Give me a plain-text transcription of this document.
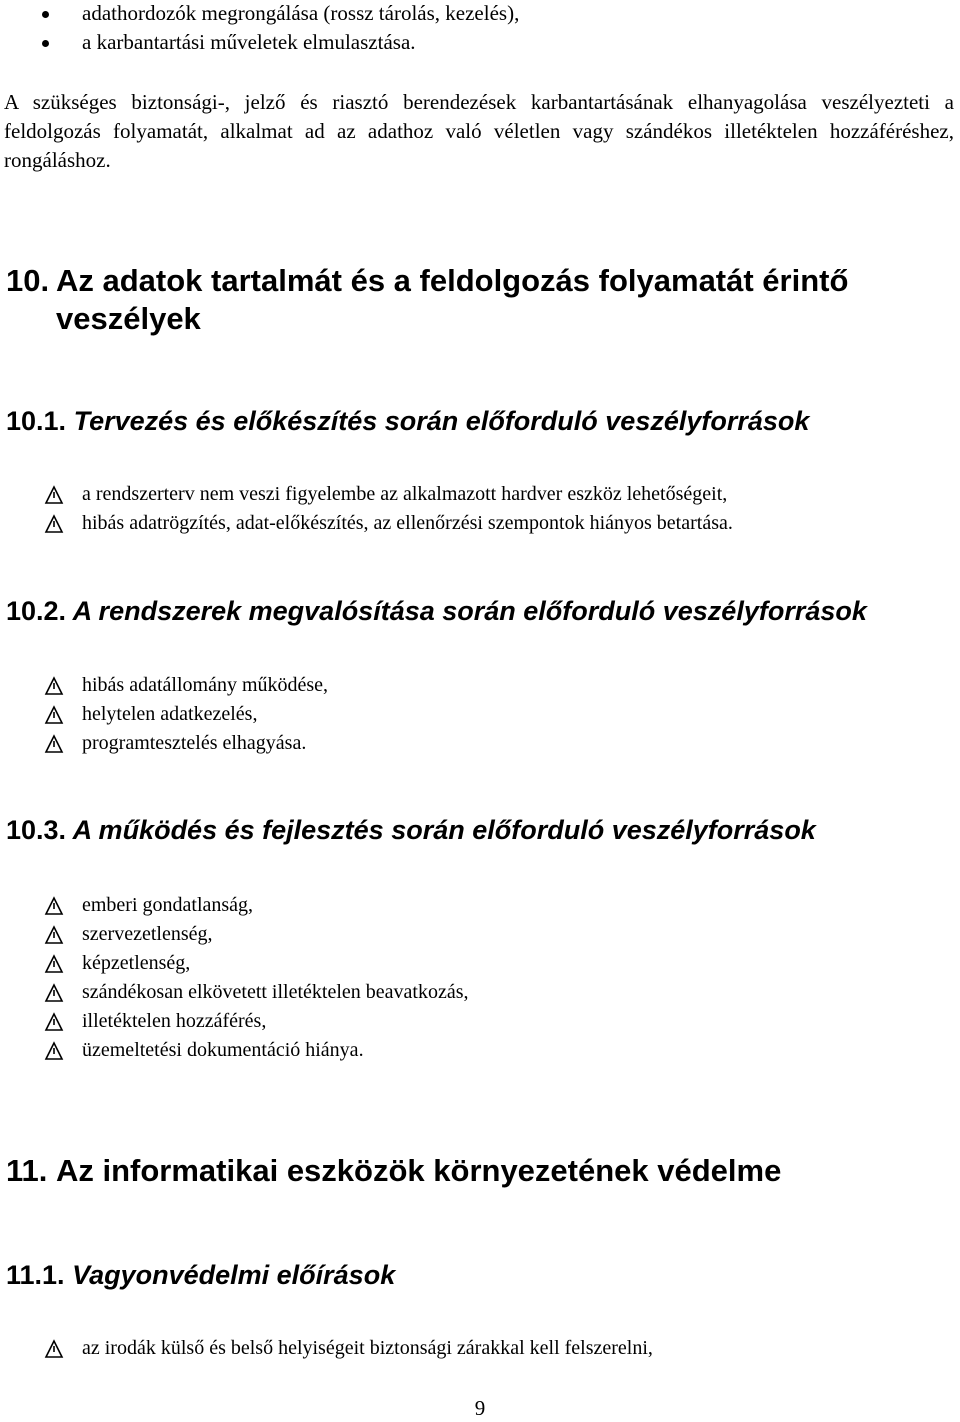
adathordozók megrongálása (rossz tárolás, kezelés),
a karbantartási műveletek elmulasztása.
A szükséges biztonsági-, jelző és riasztó berendezések karbantartásának elhanyagolása veszélyezteti a feldolgozás folyamatát, alkalmat ad az adathoz való véletlen vagy szándékos illetéktelen hozzáféréshez, rongáláshoz.
10. Az adatok tartalmát és a feldolgozás folyamatát érintő
veszélyek
10.1. Tervezés és előkészítés során előforduló veszélyforrások
a rendszerterv nem veszi figyelembe az alkalmazott hardver eszköz lehetőségeit,
hibás adatrögzítés, adat-előkészítés, az ellenőrzési szempontok hiányos betartása.
10.2. A rendszerek megvalósítása során előforduló veszélyforrások
hibás adatállomány működése,
helytelen adatkezelés,
programtesztelés elhagyása.
10.3. A működés és fejlesztés során előforduló veszélyforrások
emberi gondatlanság,
szervezetlenség,
képzetlenség,
szándékosan elkövetett illetéktelen beavatkozás,
illetéktelen hozzáférés,
üzemeltetési dokumentáció hiánya.
11. Az informatikai eszközök környezetének védelme
11.1. Vagyonvédelmi előírások
az irodák külső és belső helyiségeit biztonsági zárakkal kell felszerelni,
9
